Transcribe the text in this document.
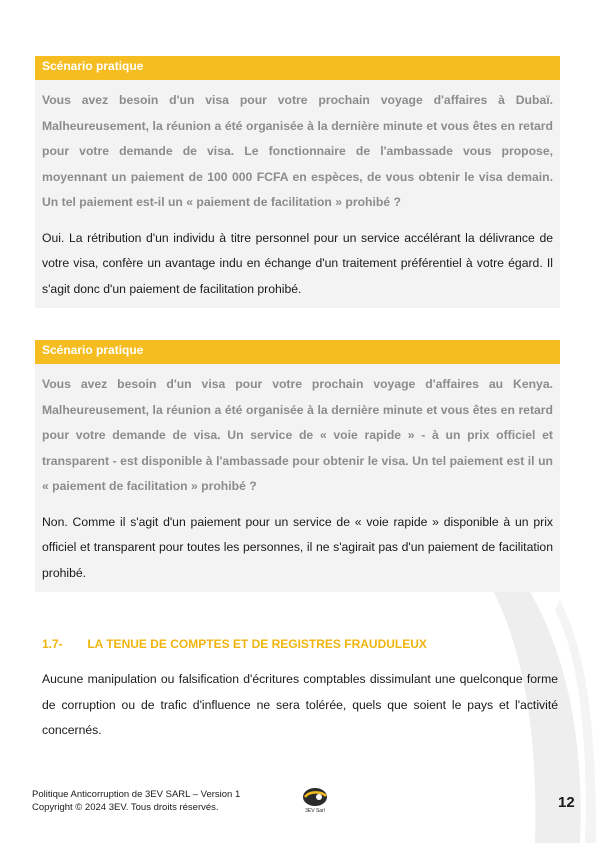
Scénario pratique

Vous avez besoin d'un visa pour votre prochain voyage d'affaires à Dubaï. Malheureusement, la réunion a été organisée à la dernière minute et vous êtes en retard pour votre demande de visa. Le fonctionnaire de l'ambassade vous propose, moyennant un paiement de 100 000 FCFA en espèces, de vous obtenir le visa demain. Un tel paiement est-il un « paiement de facilitation » prohibé ?

Oui. La rétribution d'un individu à titre personnel pour un service accélérant la délivrance de votre visa, confère un avantage indu en échange d'un traitement préférentiel à votre égard. Il s'agit donc d'un paiement de facilitation prohibé.

Scénario pratique

Vous avez besoin d'un visa pour votre prochain voyage d'affaires au Kenya. Malheureusement, la réunion a été organisée à la dernière minute et vous êtes en retard pour votre demande de visa. Un service de « voie rapide » - à un prix officiel et transparent - est disponible à l'ambassade pour obtenir le visa. Un tel paiement est il un « paiement de facilitation » prohibé ?

Non. Comme il s'agit d'un paiement pour un service de « voie rapide » disponible à un prix officiel et transparent pour toutes les personnes, il ne s'agirait pas d'un paiement de facilitation prohibé.

1.7- LA TENUE DE COMPTES ET DE REGISTRES FRAUDULEUX

Aucune manipulation ou falsification d'écritures comptables dissimulant une quelconque forme de corruption ou de trafic d'influence ne sera tolérée, quels que soient le pays et l'activité concernés.

Politique Anticorruption de 3EV SARL – Version 1
Copyright © 2024 3EV. Tous droits réservés.	3EV Sarl	12
